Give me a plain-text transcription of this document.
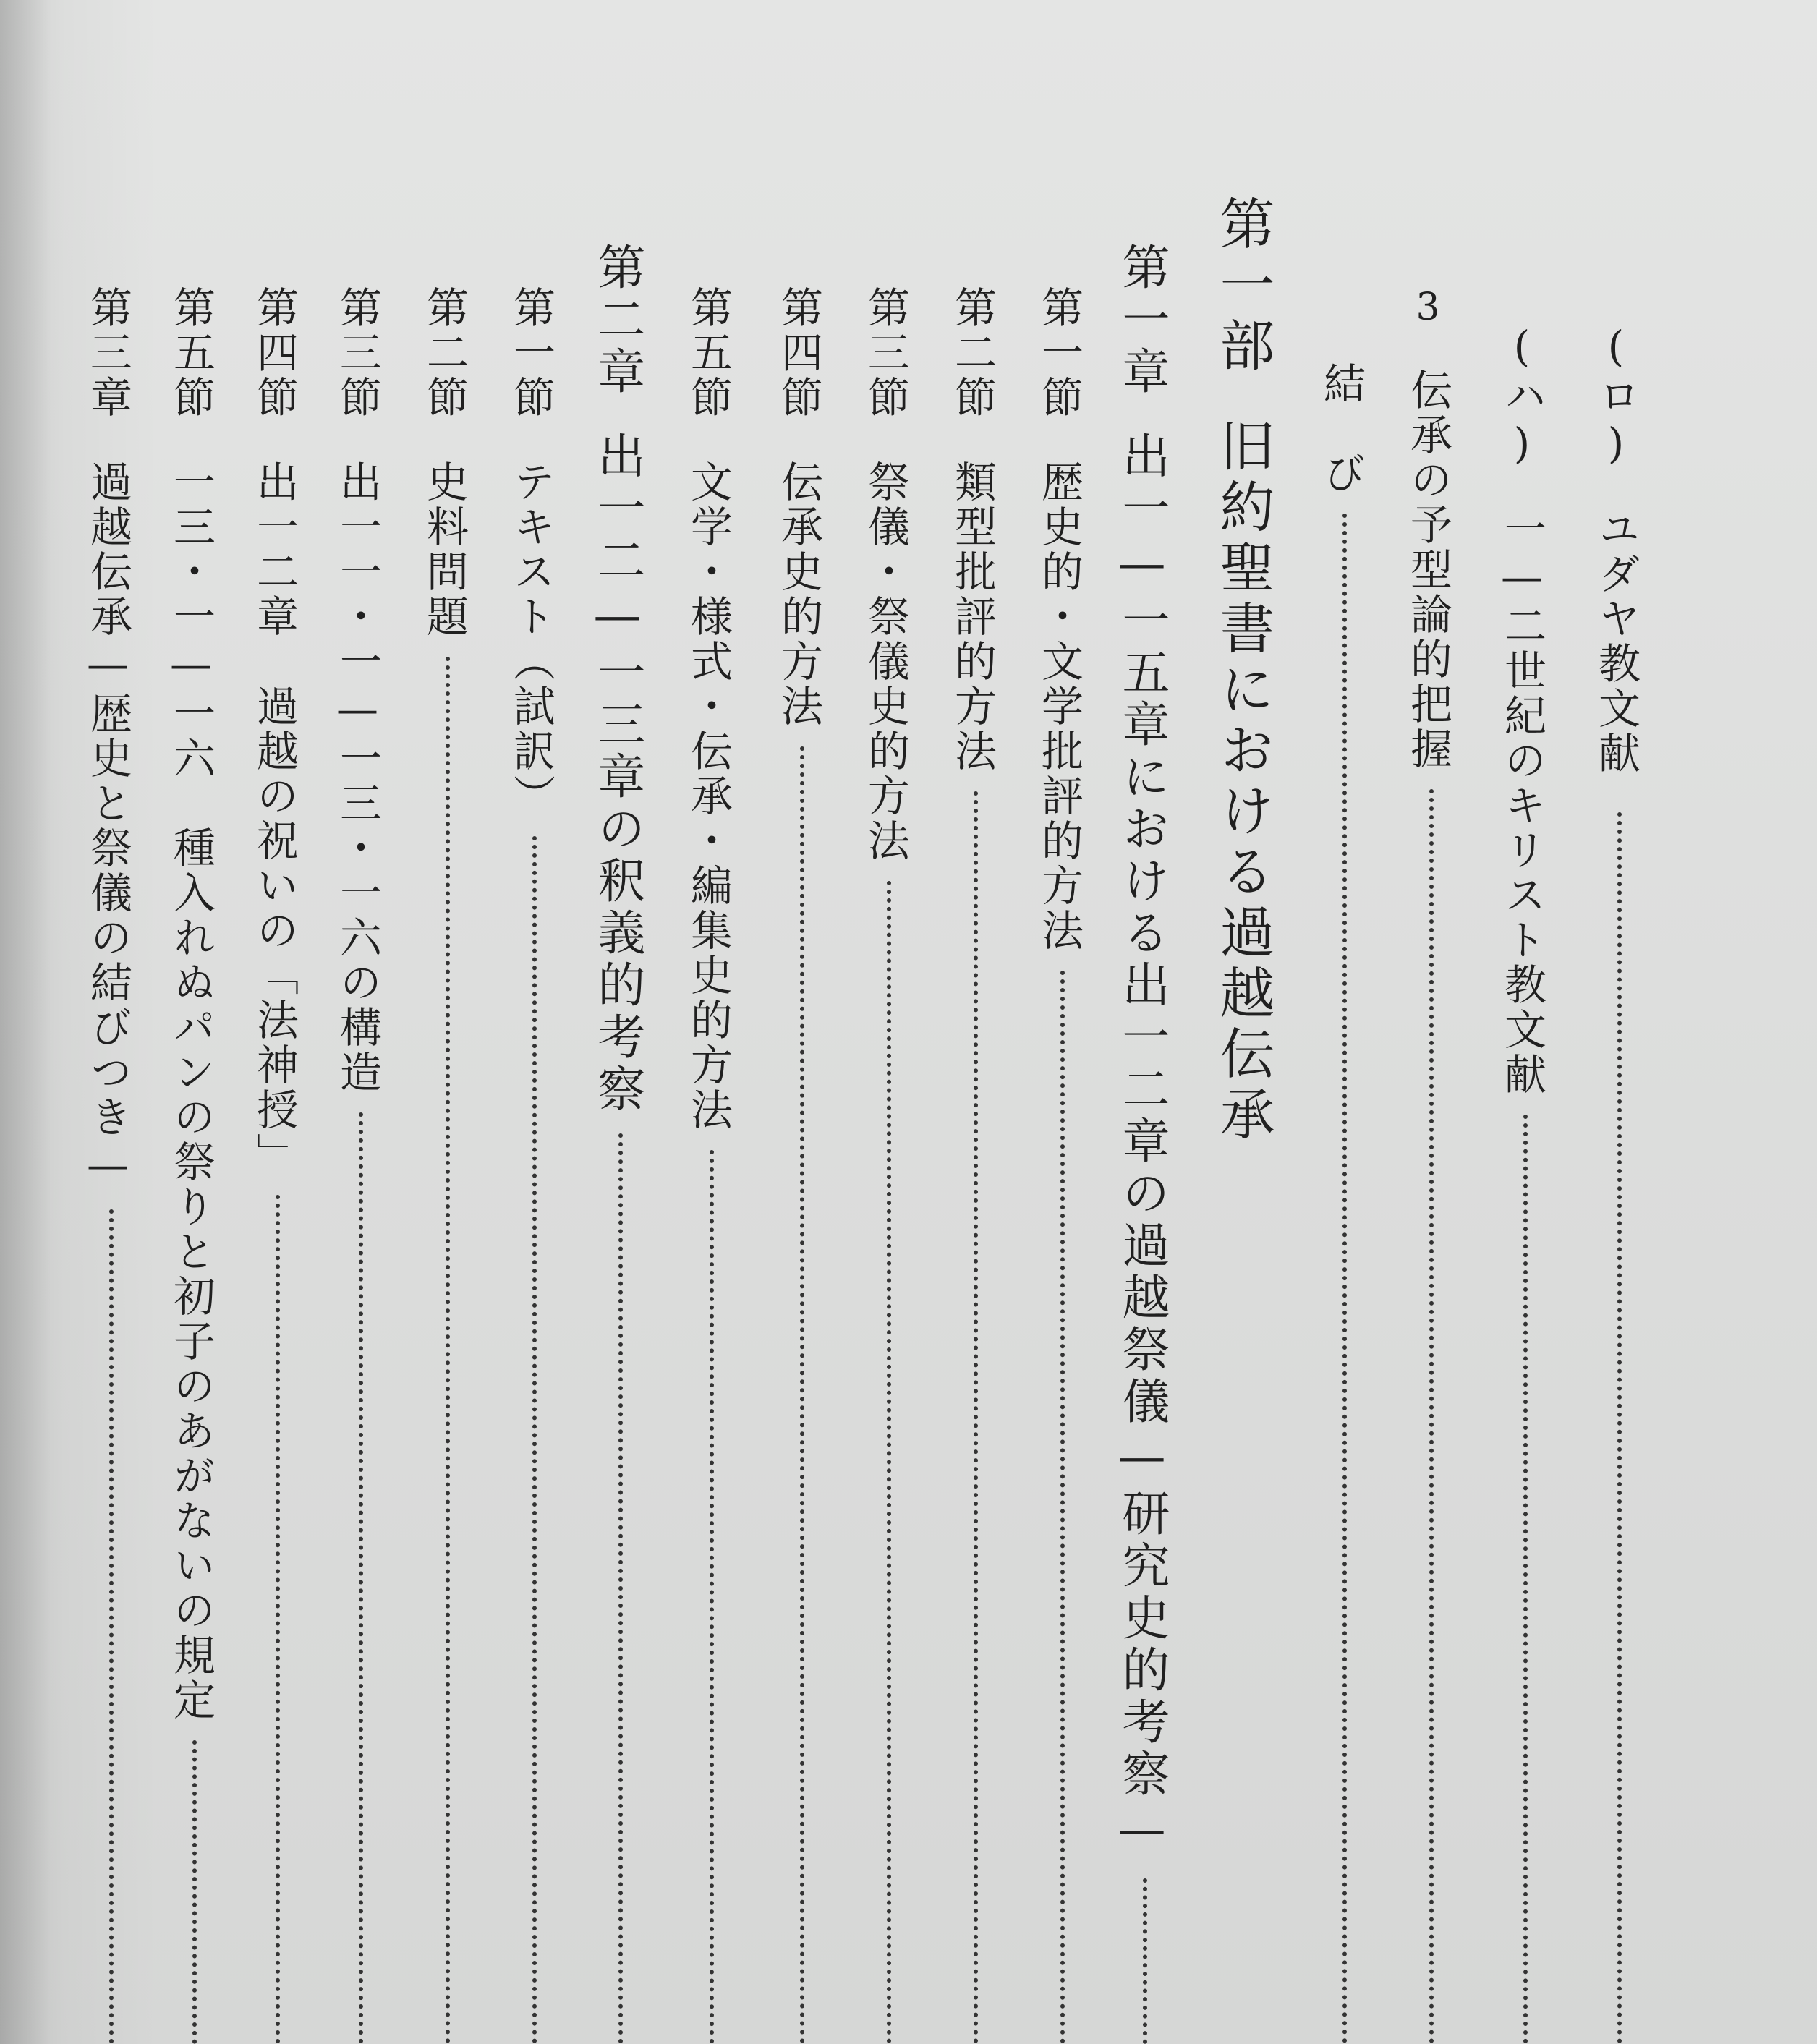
(ロ)
ユダヤ教文献
(ハ)
一—二世紀のキリスト教文献
3
伝承の予型論的把握
結　び
第一部
旧約聖書における過越伝承
第一章
出一—一五章における出一二章の過越祭儀—研究史的考察—
第一節
歴史的・文学批評的方法
第二節
類型批評的方法
第三節
祭儀・祭儀史的方法
第四節
伝承史的方法
第五節
文学・様式・伝承・編集史的方法
第二章
出一二—一三章の釈義的考察
第一節
テキスト（試訳）
第二節
史料問題
第三節
出一一・一—一三・一六の構造
第四節
出一二章　過越の祝いの「法神授」
第五節
一三・一—一六　種入れぬパンの祭りと初子のあがないの規定
第三章
過越伝承—歴史と祭儀の結びつき—
